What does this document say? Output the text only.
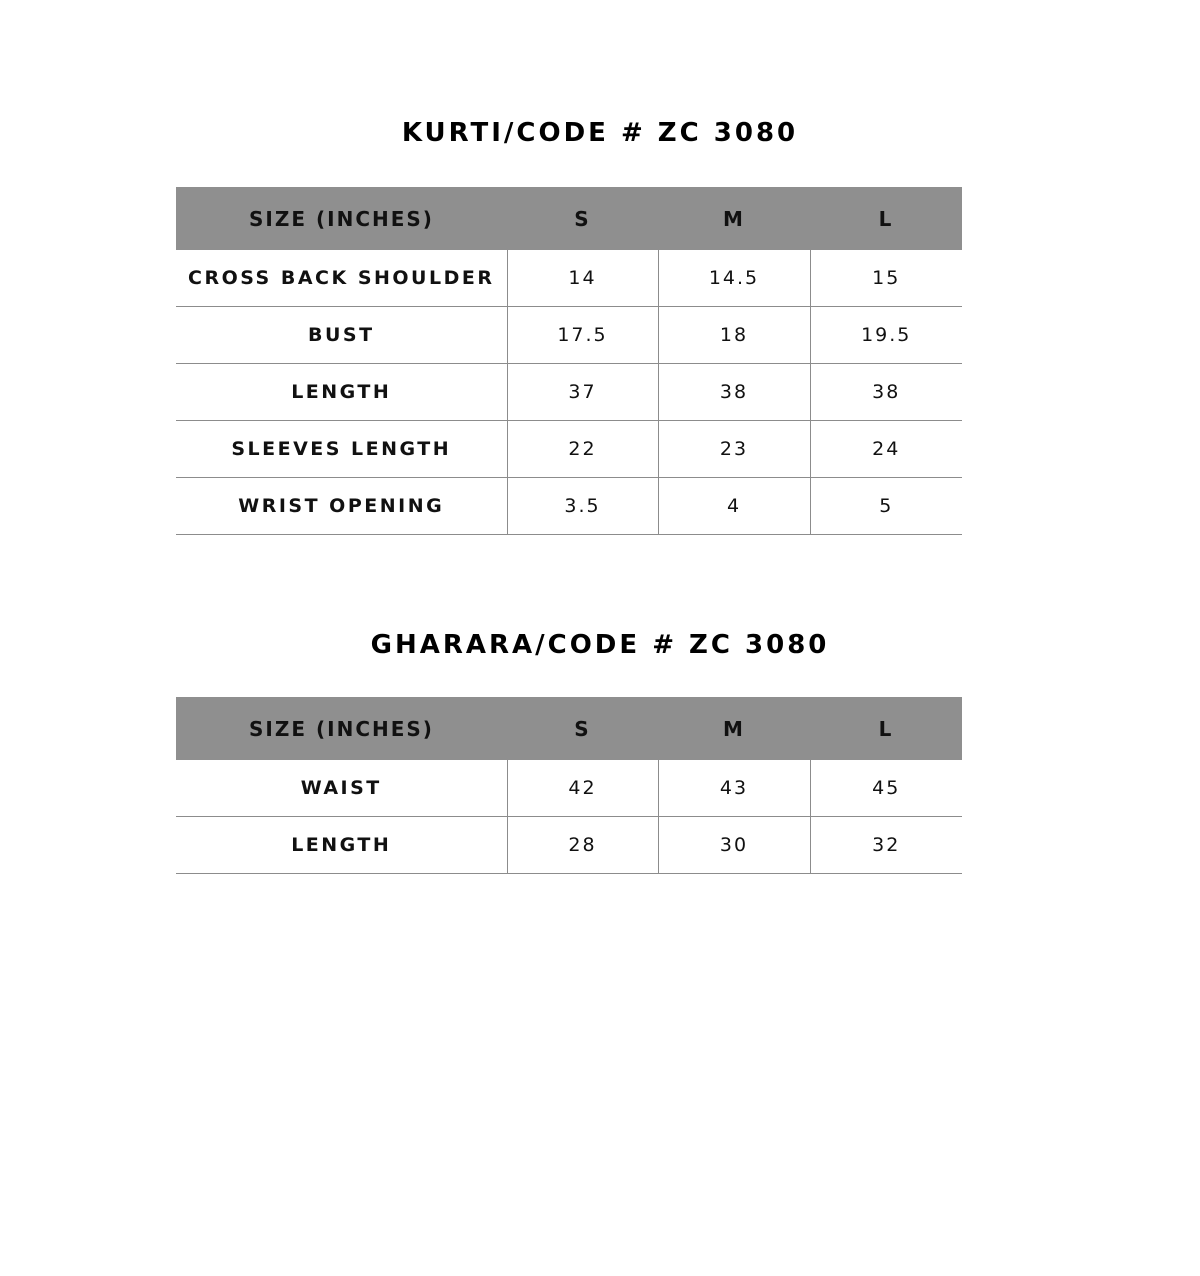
KURTI/CODE # ZC 3080
SIZE (INCHES)	S	M	L
CROSS BACK SHOULDER	14	14.5	15
BUST	17.5	18	19.5
LENGTH	37	38	38
SLEEVES LENGTH	22	23	24
WRIST OPENING	3.5	4	5
GHARARA/CODE # ZC 3080
SIZE (INCHES)	S	M	L
WAIST	42	43	45
LENGTH	28	30	32
